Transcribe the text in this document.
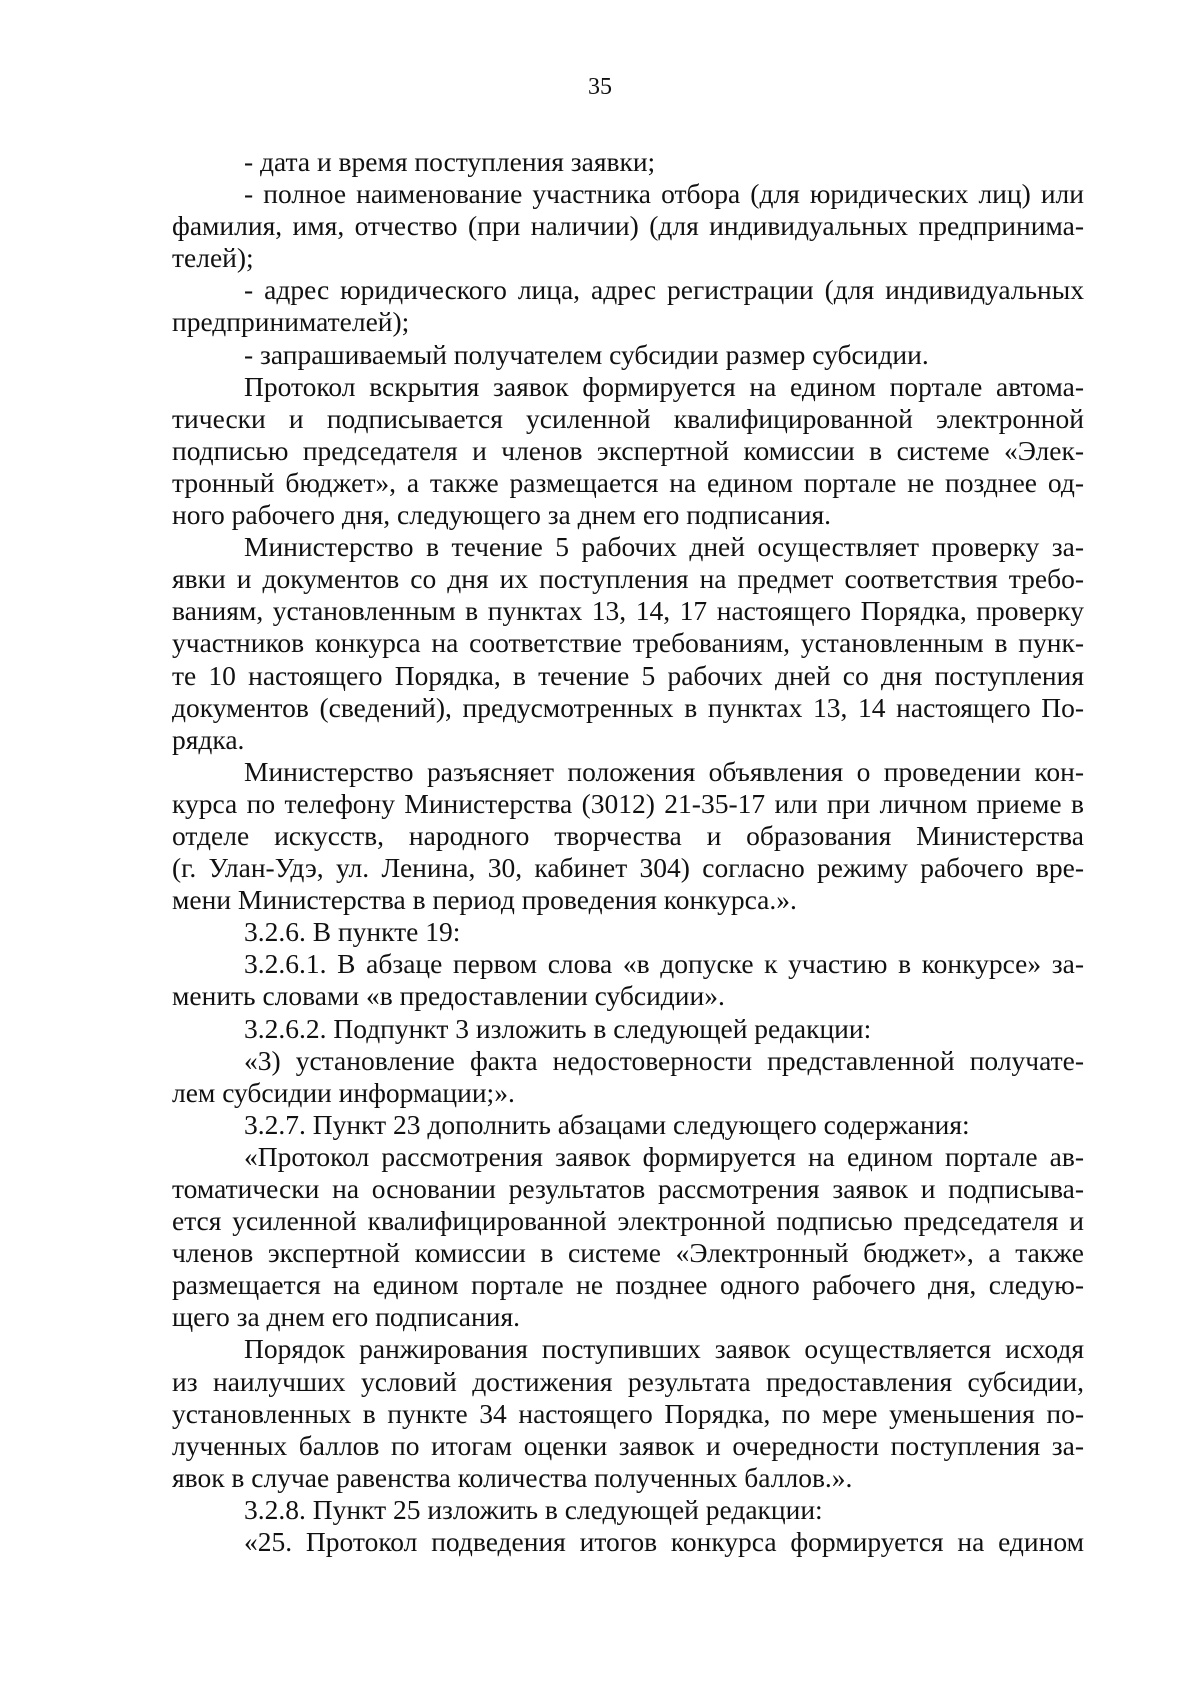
35
- дата и время поступления заявки;
- полное наименование участника отбора (для юридических лиц) или
фамилия, имя, отчество (при наличии) (для индивидуальных предпринима-
телей);
- адрес юридического лица, адрес регистрации (для индивидуальных
предпринимателей);
- запрашиваемый получателем субсидии размер субсидии.
Протокол вскрытия заявок формируется на едином портале автома-
тически и подписывается усиленной квалифицированной электронной
подписью председателя и членов экспертной комиссии в системе «Элек-
тронный бюджет», а также размещается на едином портале не позднее од-
ного рабочего дня, следующего за днем его подписания.
Министерство в течение 5 рабочих дней осуществляет проверку за-
явки и документов со дня их поступления на предмет соответствия требо-
ваниям, установленным в пунктах 13, 14, 17 настоящего Порядка, проверку
участников конкурса на соответствие требованиям, установленным в пунк-
те 10 настоящего Порядка, в течение 5 рабочих дней со дня поступления
документов (сведений), предусмотренных в пунктах 13, 14 настоящего По-
рядка.
Министерство разъясняет положения объявления о проведении кон-
курса по телефону Министерства (3012) 21-35-17 или при личном приеме в
отделе искусств, народного творчества и образования Министерства
(г. Улан-Удэ, ул. Ленина, 30, кабинет 304) согласно режиму рабочего вре-
мени Министерства в период проведения конкурса.».
3.2.6. В пункте 19:
3.2.6.1. В абзаце первом слова «в допуске к участию в конкурсе» за-
менить словами «в предоставлении субсидии».
3.2.6.2. Подпункт 3 изложить в следующей редакции:
«3) установление факта недостоверности представленной получате-
лем субсидии информации;».
3.2.7. Пункт 23 дополнить абзацами следующего содержания:
«Протокол рассмотрения заявок формируется на едином портале ав-
томатически на основании результатов рассмотрения заявок и подписыва-
ется усиленной квалифицированной электронной подписью председателя и
членов экспертной комиссии в системе «Электронный бюджет», а также
размещается на едином портале не позднее одного рабочего дня, следую-
щего за днем его подписания.
Порядок ранжирования поступивших заявок осуществляется исходя
из наилучших условий достижения результата предоставления субсидии,
установленных в пункте 34 настоящего Порядка, по мере уменьшения по-
лученных баллов по итогам оценки заявок и очередности поступления за-
явок в случае равенства количества полученных баллов.».
3.2.8. Пункт 25 изложить в следующей редакции:
«25. Протокол подведения итогов конкурса формируется на едином
